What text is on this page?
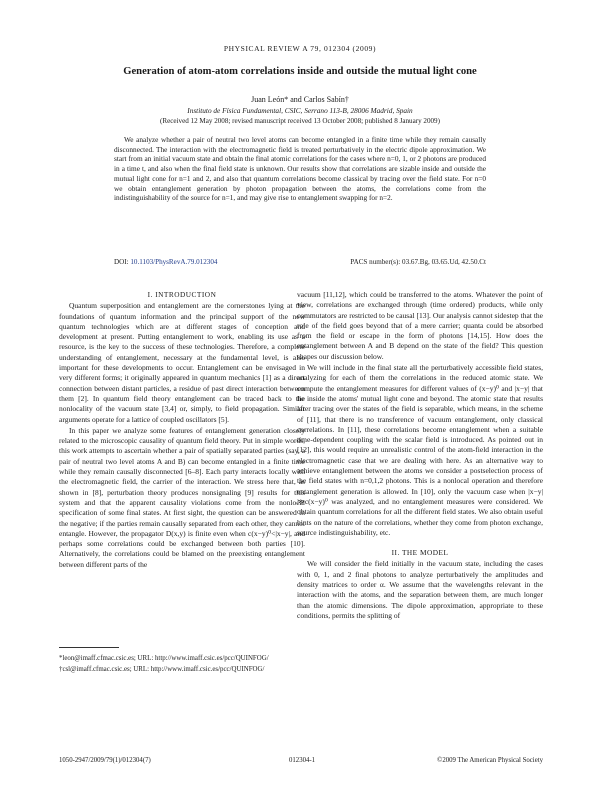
PHYSICAL REVIEW A 79, 012304 (2009)
Generation of atom-atom correlations inside and outside the mutual light cone
Juan León* and Carlos Sabín†
Instituto de Física Fundamental, CSIC, Serrano 113-B, 28006 Madrid, Spain
(Received 12 May 2008; revised manuscript received 13 October 2008; published 8 January 2009)

We analyze whether a pair of neutral two level atoms can become entangled in a finite time while they remain causally disconnected. The interaction with the electromagnetic field is treated perturbatively in the electric dipole approximation. We start from an initial vacuum state and obtain the final atomic correlations for the cases where n=0, 1, or 2 photons are produced in a time t, and also when the final field state is unknown. Our results show that correlations are sizable inside and outside the mutual light cone for n=1 and 2, and also that quantum correlations become classical by tracing over the field state. For n=0 we obtain entanglement generation by photon propagation between the atoms, the correlations come from the indistinguishability of the source for n=1, and may give rise to entanglement swapping for n=2.

DOI: 10.1103/PhysRevA.79.012304	PACS number(s): 03.67.Bg, 03.65.Ud, 42.50.Ct

I. INTRODUCTION

Quantum superposition and entanglement are the cornerstones lying at the foundations of quantum information and the principal support of the new quantum technologies which are at different stages of conception and development at present. Putting entanglement to work, enabling its use as a resource, is the key to the success of these technologies. Therefore, a complete understanding of entanglement, necessary at the fundamental level, is also important for these developments to occur. Entanglement can be envisaged in very different forms; it originally appeared in quantum mechanics [1] as a direct connection between distant particles, a residue of past direct interaction between them [2]. In quantum field theory entanglement can be traced back to the nonlocality of the vacuum state [3,4] or, simply, to field propagation. Similar arguments operate for a lattice of coupled oscillators [5].

In this paper we analyze some features of entanglement generation closely related to the microscopic causality of quantum field theory. Put in simple words, this work attempts to ascertain whether a pair of spatially separated parties (say, a pair of neutral two level atoms A and B) can become entangled in a finite time while they remain causally disconnected [6–8]. Each party interacts locally with the electromagnetic field, the carrier of the interaction. We stress here that, as shown in [8], perturbation theory produces nonsignaling [9] results for this system and that the apparent causality violations come from the nonlocal specification of some final states. At first sight, the question can be answered in the negative; if the parties remain causally separated from each other, they cannot entangle. However, the propagator D(x,y) is finite even when c(x−y)⁰<|x−y|, and perhaps some correlations could be exchanged between both parties [10]. Alternatively, the correlations could be blamed on the preexisting entanglement between different parts of the

*leon@imaff.cfmac.csic.es; URL: http://www.imaff.csic.es/pcc/QUINFOG/

†csl@imaff.cfmac.csic.es; URL: http://www.imaff.csic.es/pcc/QUINFOG/

vacuum [11,12], which could be transferred to the atoms. Whatever the point of view, correlations are exchanged through (time ordered) products, while only commutators are restricted to be causal [13]. Our analysis cannot sidestep that the role of the field goes beyond that of a mere carrier; quanta could be absorbed from the field or escape in the form of photons [14,15]. How does the entanglement between A and B depend on the state of the field? This question shapes our discussion below.

We will include in the final state all the perturbatively accessible field states, analyzing for each of them the correlations in the reduced atomic state. We compute the entanglement measures for different values of (x−y)⁰ and |x−y| that lie inside the atoms' mutual light cone and beyond. The atomic state that results after tracing over the states of the field is separable, which means, in the scheme of [11], that there is no transference of vacuum entanglement, only classical correlations. In [11], these correlations become entanglement when a suitable time-dependent coupling with the scalar field is introduced. As pointed out in [12], this would require an unrealistic control of the atom-field interaction in the electromagnetic case that we are dealing with here. As an alternative way to achieve entanglement between the atoms we consider a postselection process of the field states with n=0,1,2 photons. This is a nonlocal operation and therefore entanglement generation is allowed. In [10], only the vacuum case when |x−y|≫c(x−y)⁰ was analyzed, and no entanglement measures were considered. We obtain quantum correlations for all the different field states. We also obtain useful hints on the nature of the correlations, whether they come from photon exchange, source indistinguishability, etc.

II. THE MODEL

We will consider the field initially in the vacuum state, including the cases with 0, 1, and 2 final photons to analyze perturbatively the amplitudes and density matrices to order α. We assume that the wavelengths relevant in the interaction with the atoms, and the separation between them, are much longer than the atomic dimensions. The dipole approximation, appropriate to these conditions, permits the splitting of

1050-2947/2009/79(1)/012304(7)	012304-1	©2009 The American Physical Society
